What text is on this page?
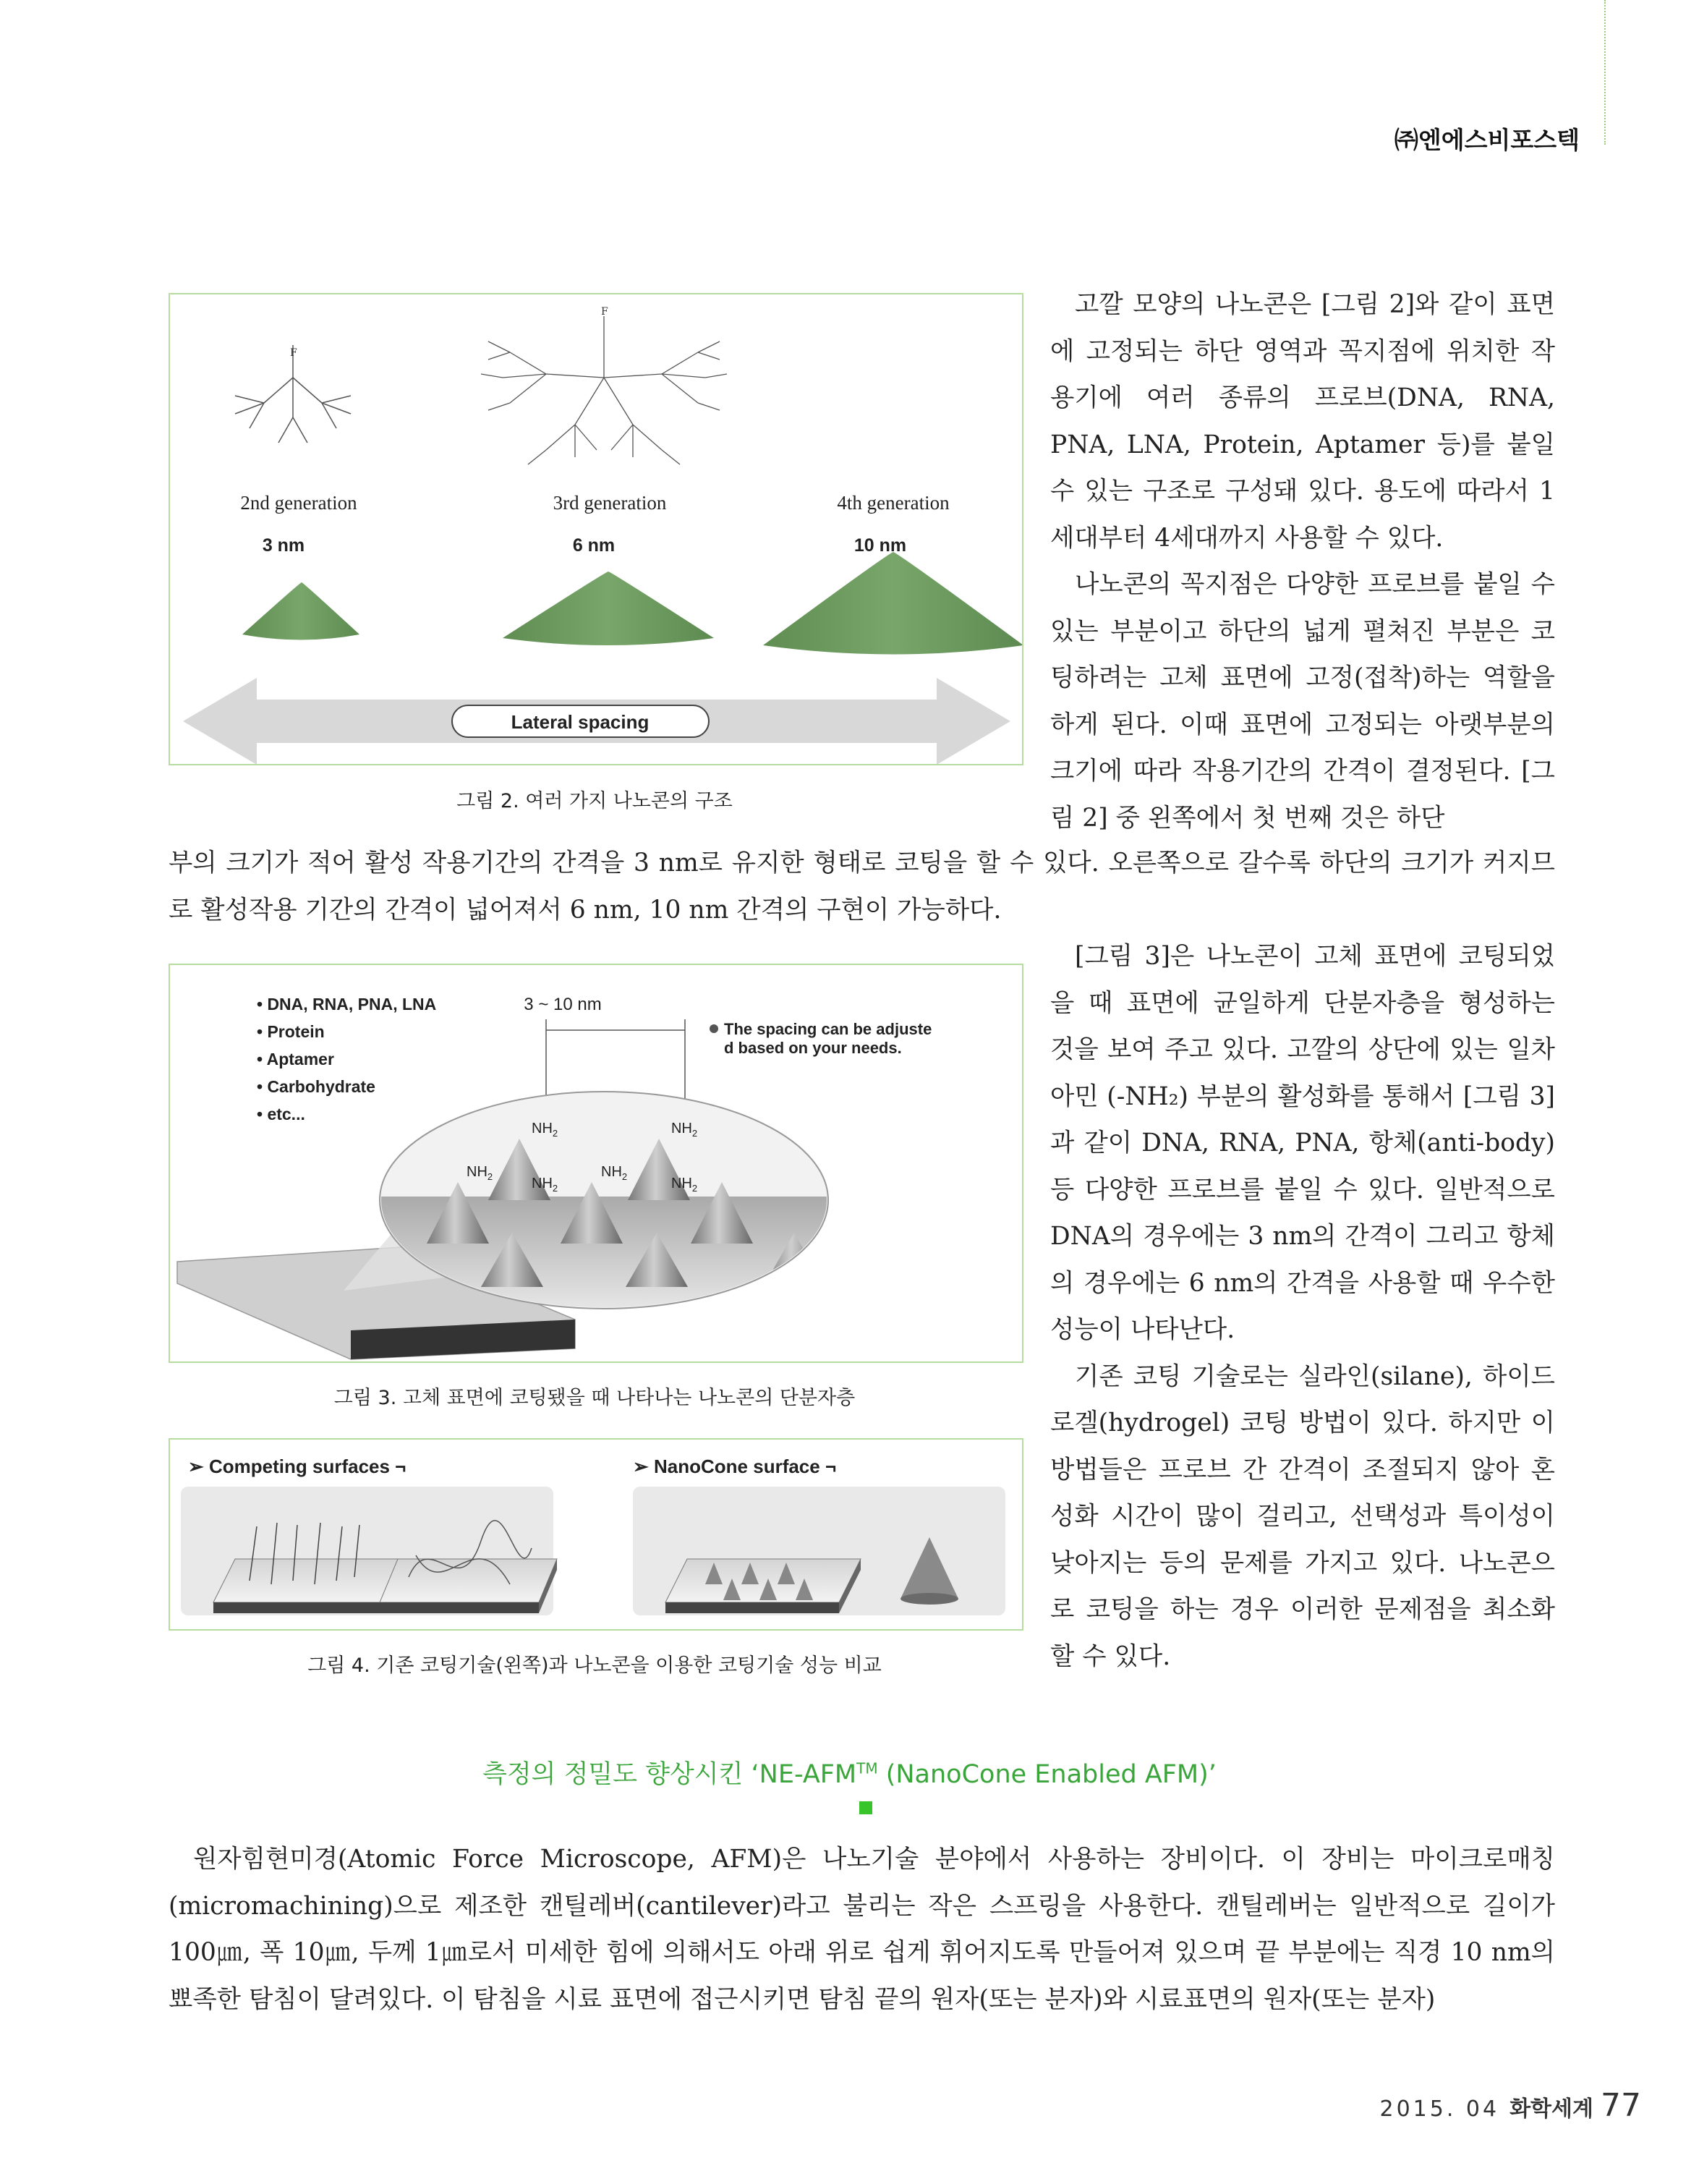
㈜엔에스비포스텍
F
F
2nd generation	3rd generation	4th generation
3 nm	6 nm	10 nm
Lateral spacing
그림 2. 여러 가지 나노콘의 구조

고깔 모양의 나노콘은 [그림 2]와 같이 표면에 고정되는 하단 영역과 꼭지점에 위치한 작용기에 여러 종류의 프로브(DNA, RNA, PNA, LNA, Protein, Aptamer 등)를 붙일 수 있는 구조로 구성돼 있다. 용도에 따라서 1세대부터 4세대까지 사용할 수 있다.

나노콘의 꼭지점은 다양한 프로브를 붙일 수 있는 부분이고 하단의 넓게 펼쳐진 부분은 코팅하려는 고체 표면에 고정(접착)하는 역할을 하게 된다. 이때 표면에 고정되는 아랫부분의 크기에 따라 작용기간의 간격이 결정된다. [그림 2] 중 왼쪽에서 첫 번째 것은 하단

부의 크기가 적어 활성 작용기간의 간격을 3 nm로 유지한 형태로 코팅을 할 수 있다. 오른쪽으로 갈수록 하단의 크기가 커지므로 활성작용 기간의 간격이 넓어져서 6 nm, 10 nm 간격의 구현이 가능하다.

• DNA, RNA, PNA, LNA
• Protein
• Aptamer
• Carbohydrate
• etc...
3 ~ 10 nm
The spacing can be adjuste
d based on your needs.
$NH_2$	$NH_2$
$NH_2$	$NH_2$
$NH_2$	$NH_2$
그림 3. 고체 표면에 코팅됐을 때 나타나는 나노콘의 단분자층

[그림 3]은 나노콘이 고체 표면에 코팅되었을 때 표면에 균일하게 단분자층을 형성하는 것을 보여 주고 있다. 고깔의 상단에 있는 일차아민 (-NH₂) 부분의 활성화를 통해서 [그림 3]과 같이 DNA, RNA, PNA, 항체(anti-body) 등 다양한 프로브를 붙일 수 있다. 일반적으로 DNA의 경우에는 3 nm의 간격이 그리고 항체의 경우에는 6 nm의 간격을 사용할 때 우수한 성능이 나타난다.

기존 코팅 기술로는 실라인(silane), 하이드로겔(hydrogel) 코팅 방법이 있다. 하지만 이 방법들은 프로브 간 간격이 조절되지 않아 혼성화 시간이 많이 걸리고, 선택성과 특이성이 낮아지는 등의 문제를 가지고 있다. 나노콘으로 코팅을 하는 경우 이러한 문제점을 최소화할 수 있다.

➢ Competing surfaces ¬	➢ NanoCone surface ¬
그림 4. 기존 코팅기술(왼쪽)과 나노콘을 이용한 코팅기술 성능 비교
측정의 정밀도 향상시킨 ‘NE-AFM™ (NanoCone Enabled AFM)’

원자힘현미경(Atomic Force Microscope, AFM)은 나노기술 분야에서 사용하는 장비이다. 이 장비는 마이크로매칭(micromachining)으로 제조한 캔틸레버(cantilever)라고 불리는 작은 스프링을 사용한다. 캔틸레버는 일반적으로 길이가 100㎛, 폭 10㎛, 두께 1㎛로서 미세한 힘에 의해서도 아래 위로 쉽게 휘어지도록 만들어져 있으며 끝 부분에는 직경 10 nm의 뾰족한 탐침이 달려있다. 이 탐침을 시료 표면에 접근시키면 탐침 끝의 원자(또는 분자)와 시료표면의 원자(또는 분자)

2015. 04 화학세계 77
